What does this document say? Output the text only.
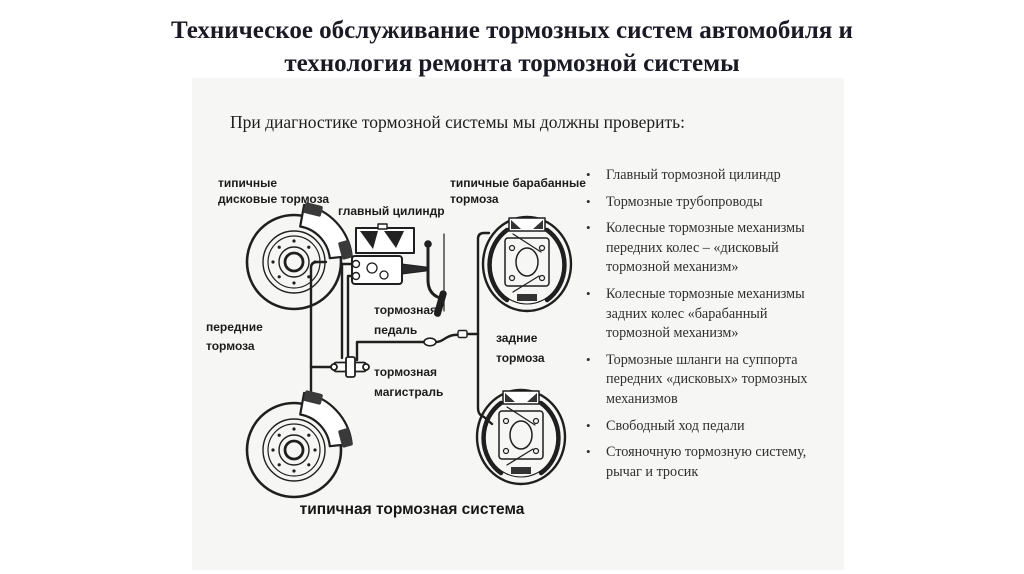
Техническое обслуживание тормозных систем автомобиля и технология ремонта тормозной системы
При диагностике тормозной системы мы должны проверить:
типичные дисковые тормоза
главный цилиндр
типичные барабанные тормоза
передние тормоза
тормозная педаль
тормозная магистраль
задние тормоза
типичная тормозная система
•	Главный тормозной цилиндр
•	Тормозные трубопроводы
•	Колесные тормозные механизмы передних колес – «дисковый тормозной механизм»
•	Колесные тормозные механизмы задних колес «барабанный тормозной механизм»
•	Тормозные шланги на суппорта передних «дисковых» тормозных механизмов
•	Свободный ход педали
•	Стояночную тормозную систему, рычаг и тросик
